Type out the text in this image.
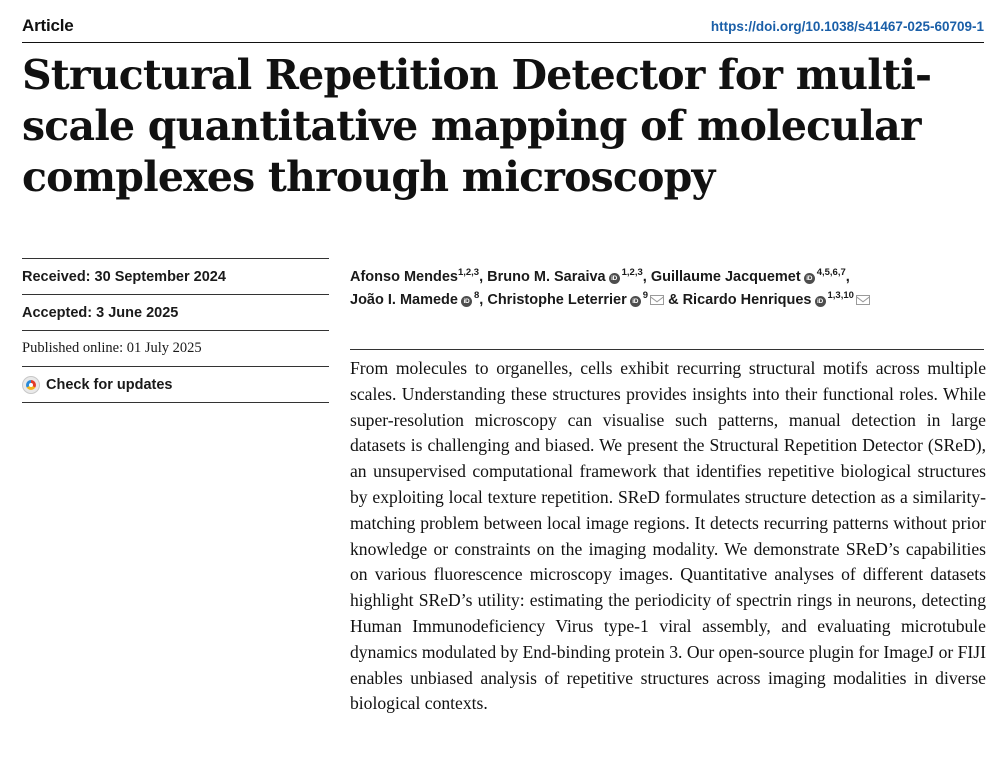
Article	https://doi.org/10.1038/s41467-025-60709-1
Structural Repetition Detector for multi-scale quantitative mapping of molecular complexes through microscopy
Received: 30 September 2024
Accepted: 3 June 2025
Published online: 01 July 2025
Check for updates
Afonso Mendes$^{1,2,3}$, Bruno M. Saraiva iD$^{1,2,3}$, Guillaume Jacquemet iD$^{4,5,6,7}$,
João I. Mamede $iD^8$, Christophe Leterrier $iD^9$ & Ricardo Henriques iD$^{1,3,10}$

From molecules to organelles, cells exhibit recurring structural motifs across multiple scales. Understanding these structures provides insights into their functional roles. While super-resolution microscopy can visualise such patterns, manual detection in large datasets is challenging and biased. We present the Structural Repetition Detector (SReD), an unsupervised computational framework that identifies repetitive biological structures by exploiting local texture repetition. SReD formulates structure detection as a similarity-matching problem between local image regions. It detects recurring patterns without prior knowledge or constraints on the imaging modality. We demonstrate SReD’s capabilities on various fluorescence microscopy images. Quantitative analyses of different datasets highlight SReD’s utility: estimating the periodicity of spectrin rings in neurons, detecting Human Immunodeficiency Virus type-1 viral assembly, and evaluating microtubule dynamics modulated by End-binding protein 3. Our open-source plugin for ImageJ or FIJI enables unbiased analysis of repetitive structures across imaging modalities in diverse biological contexts.
